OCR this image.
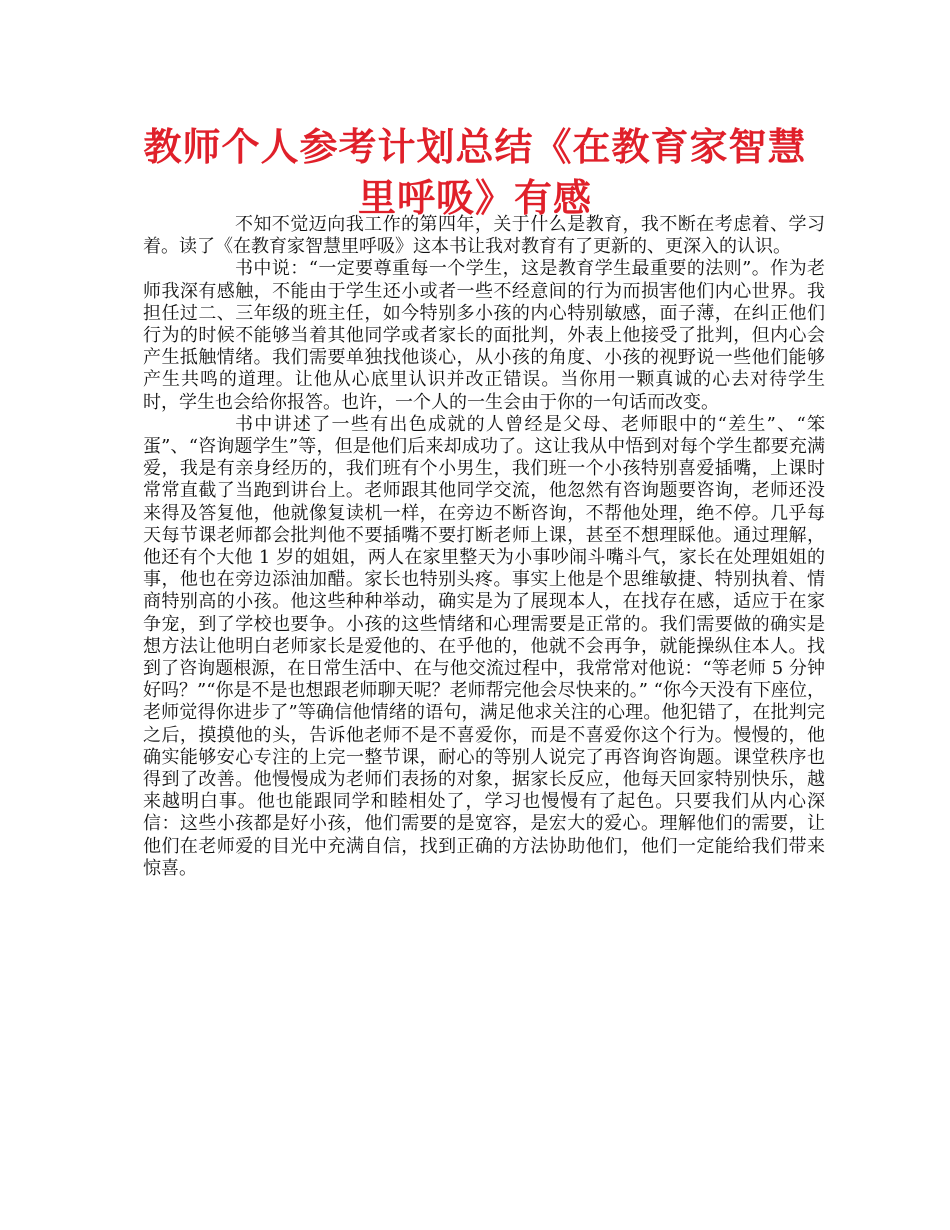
教师个人参考计划总结《在教育家智慧里呼吸》有感

不知不觉迈向我工作的第四年，关于什么是教育，我不断在考虑着、学习着。读了《在教育家智慧里呼吸》这本书让我对教育有了更新的、更深入的认识。

书中说：“一定要尊重每一个学生，这是教育学生最重要的法则”。作为老师我深有感触，不能由于学生还小或者一些不经意间的行为而损害他们内心世界。我担任过二、三年级的班主任，如今特别多小孩的内心特别敏感，面子薄，在纠正他们行为的时候不能够当着其他同学或者家长的面批判，外表上他接受了批判，但内心会产生抵触情绪。我们需要单独找他谈心，从小孩的角度、小孩的视野说一些他们能够产生共鸣的道理。让他从心底里认识并改正错误。当你用一颗真诚的心去对待学生时，学生也会给你报答。也许，一个人的一生会由于你的一句话而改变。

书中讲述了一些有出色成就的人曾经是父母、老师眼中的“差生”、“笨蛋”、“咨询题学生”等，但是他们后来却成功了。这让我从中悟到对每个学生都要充满爱，我是有亲身经历的，我们班有个小男生，我们班一个小孩特别喜爱插嘴，上课时常常直截了当跑到讲台上。老师跟其他同学交流，他忽然有咨询题要咨询，老师还没来得及答复他，他就像复读机一样，在旁边不断咨询，不帮他处理，绝不停。几乎每天每节课老师都会批判他不要插嘴不要打断老师上课，甚至不想理睬他。通过理解，他还有个大他 1 岁的姐姐，两人在家里整天为小事吵闹斗嘴斗气，家长在处理姐姐的事，他也在旁边添油加醋。家长也特别头疼。事实上他是个思维敏捷、特别执着、情商特别高的小孩。他这些种种举动，确实是为了展现本人，在找存在感，适应于在家争宠，到了学校也要争。小孩的这些情绪和心理需要是正常的。我们需要做的确实是想方法让他明白老师家长是爱他的、在乎他的，他就不会再争，就能操纵住本人。找到了咨询题根源，在日常生活中、在与他交流过程中，我常常对他说：“等老师 5 分钟好吗？”“你是不是也想跟老师聊天呢？老师帮完他会尽快来的。” “你今天没有下座位，老师觉得你进步了”等确信他情绪的语句，满足他求关注的心理。他犯错了，在批判完之后，摸摸他的头，告诉他老师不是不喜爱你，而是不喜爱你这个行为。慢慢的，他确实能够安心专注的上完一整节课，耐心的等别人说完了再咨询咨询题。课堂秩序也得到了改善。他慢慢成为老师们表扬的对象，据家长反应，他每天回家特别快乐，越来越明白事。他也能跟同学和睦相处了，学习也慢慢有了起色。只要我们从内心深信：这些小孩都是好小孩，他们需要的是宽容，是宏大的爱心。理解他们的需要，让他们在老师爱的目光中充满自信，找到正确的方法协助他们，他们一定能给我们带来惊喜。
